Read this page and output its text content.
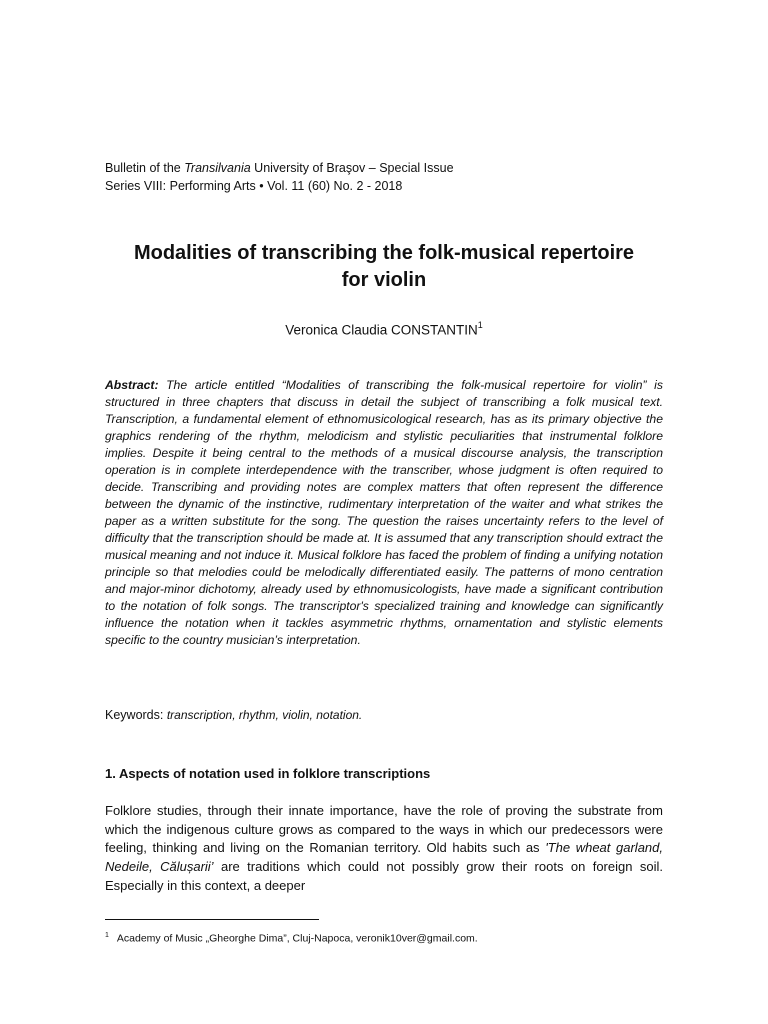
Bulletin of the Transilvania University of Braşov – Special Issue
Series VIII: Performing Arts • Vol. 11 (60) No. 2 - 2018
Modalities of transcribing the folk-musical repertoire
for violin
Veronica Claudia CONSTANTIN$^1$
Abstract: The article entitled “Modalities of transcribing the folk-musical repertoire for violin” is structured in three chapters that discuss in detail the subject of transcribing a folk musical text. Transcription, a fundamental element of ethnomusicological research, has as its primary objective the graphics rendering of the rhythm, melodicism and stylistic peculiarities that instrumental folklore implies. Despite it being central to the methods of a musical discourse analysis, the transcription operation is in complete interdependence with the transcriber, whose judgment is often required to decide. Transcribing and providing notes are complex matters that often represent the difference between the dynamic of the instinctive, rudimentary interpretation of the waiter and what strikes the paper as a written substitute for the song. The question the raises uncertainty refers to the level of difficulty that the transcription should be made at. It is assumed that any transcription should extract the musical meaning and not induce it. Musical folklore has faced the problem of finding a unifying notation principle so that melodies could be melodically differentiated easily. The patterns of mono centration and major-minor dichotomy, already used by ethnomusicologists, have made a significant contribution to the notation of folk songs. The transcriptor's specialized training and knowledge can significantly influence the notation when it tackles asymmetric rhythms, ornamentation and stylistic elements specific to the country musician’s interpretation.
Keywords: transcription, rhythm, violin, notation.
1. Aspects of notation used in folklore transcriptions
Folklore studies, through their innate importance, have the role of proving the substrate from which the indigenous culture grows as compared to the ways in which our predecessors were feeling, thinking and living on the Romanian territory. Old habits such as 'The wheat garland, Nedeile, Călușarii’ are traditions which could not possibly grow their roots on foreign soil. Especially in this context, a deeper
$^1$ Academy of Music „Gheorghe Dima”, Cluj-Napoca, veronik10ver@gmail.com.
